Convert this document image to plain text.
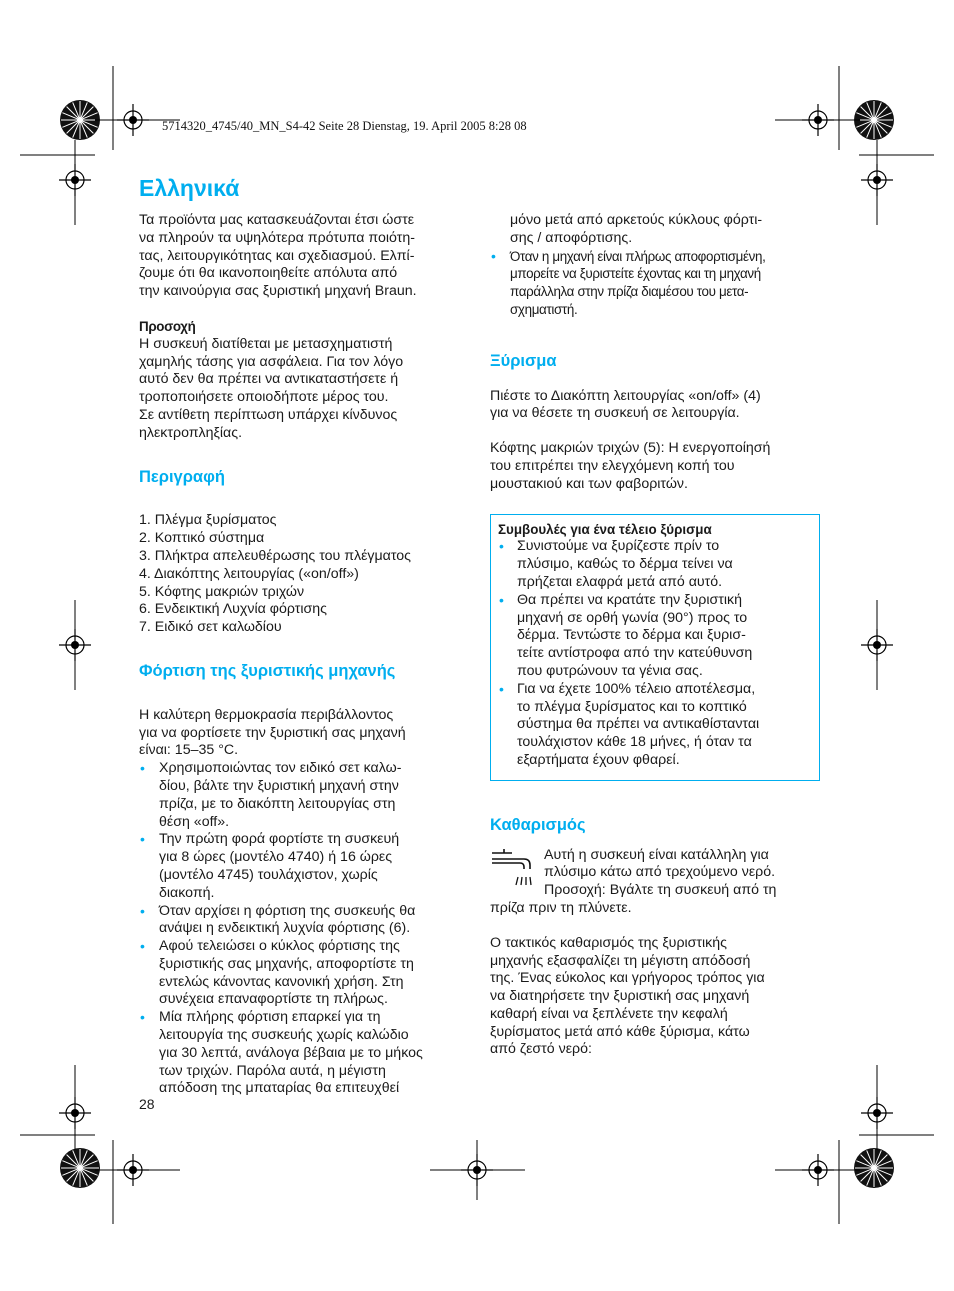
5714320_4745/40_MN_S4-42 Seite 28 Dienstag, 19. April 2005 8:28 08
Ελληνικά

Τα προϊόντα μας κατασκευάζονται έτσι ώστε
να πληρούν τα υψηλότερα πρότυπα ποιότη-
τας, λειτουργικότητας και σχεδιασμού. Ελπί-
ζουμε ότι θα ικανοποιηθείτε απόλυτα από
την καινούργια σας ξυριστική μηχανή Braun.

Προσοχή

Η συσκευή διατίθεται με μετασχηματιστή
χαμηλής τάσης για ασφάλεια. Για τον λόγο
αυτό δεν θα πρέπει να αντικαταστήσετε ή
τροποποιήσετε οποιοδήποτε μέρος του.
Σε αντίθετη περίπτωση υπάρχει κίνδυνος
ηλεκτροπληξίας.

Περιγραφή

1. Πλέγμα ξυρίσματος
2. Κοπτικό σύστημα
3. Πλήκτρα απελευθέρωσης του πλέγματος
4. Διακόπτης λειτουργίας («on/off»)
5. Κόφτης μακριών τριχών
6. Ενδεικτική Λυχνία φόρτισης
7. Ειδικό σετ καλωδίου

Φόρτιση της ξυριστικής μηχανής

Η καλύτερη θερμοκρασία περιβάλλοντος
για να φορτίσετε την ξυριστική σας μηχανή
είναι: 15–35 °C.

• Χρησιμοποιώντας τον ειδικό σετ καλω-
δίου, βάλτε την ξυριστική μηχανή στην
πρίζα, με το διακόπτη λειτουργίας στη
θέση «off».
• Την πρώτη φορά φορτίστε τη συσκευή
για 8 ώρες (μοντέλο 4740) ή 16 ώρες
(μοντέλο 4745) τουλάχιστον, χωρίς
διακοπή.
• Όταν αρχίσει η φόρτιση της συσκευής θα
ανάψει η ενδεικτική λυχνία φόρτισης (6).
• Αφού τελειώσει ο κύκλος φόρτισης της
ξυριστικής σας μηχανής, αποφορτίστε τη
εντελώς κάνοντας κανονική χρήση. Στη
συνέχεια επαναφορτίστε τη πλήρως.
• Μία πλήρης φόρτιση επαρκεί για τη
λειτουργία της συσκευής χωρίς καλώδιο
για 30 λεπτά, ανάλογα βέβαια με το μήκος
των τριχών. Παρόλα αυτά, η μέγιστη
απόδοση της μπαταρίας θα επιτευχθεί

μόνο μετά από αρκετούς κύκλους φόρτι-
σης / αποφόρτισης.

• Όταν η μηχανή είναι πλήρως αποφορτισμένη,
μπορείτε να ξυριστείτε έχοντας και τη μηχανή
παράλληλα στην πρίζα διαμέσου του μετα-
σχηματιστή.

Ξύρισμα

Πιέστε το Διακόπτη λειτουργίας «on/off» (4)
για να θέσετε τη συσκευή σε λειτουργία.

Κόφτης μακριών τριχών (5): Η ενεργοποίησή
του επιτρέπει την ελεγχόμενη κοπή του
μουστακιού και των φαβοριτών.

Συμβουλές για ένα τέλειο ξύρισμα
• Συνιστούμε να ξυρίζεστε πρίν το
πλύσιμο, καθώς το δέρμα τείνει να
πρήζεται ελαφρά μετά από αυτό.
• Θα πρέπει να κρατάτε την ξυριστική
μηχανή σε ορθή γωνία (90°) προς το
δέρμα. Τεντώστε το δέρμα και ξυρισ-
τείτε αντίστροφα από την κατεύθυνση
που φυτρώνουν τα γένια σας.
• Για να έχετε 100% τέλειο αποτέλεσμα,
το πλέγμα ξυρίσματος και το κοπτικό
σύστημα θα πρέπει να αντικαθίστανται
τουλάχιστον κάθε 18 μήνες, ή όταν τα
εξαρτήματα έχουν φθαρεί.

Καθαρισμός

Αυτή η συσκευή είναι κατάλληλη για
πλύσιμο κάτω από τρεχούμενο νερό.
Προσοχή: Βγάλτε τη συσκευή από τη

πρίζα πριν τη πλύνετε.

Ο τακτικός καθαρισμός της ξυριστικής
μηχανής εξασφαλίζει τη μέγιστη απόδοσή
της. Ένας εύκολος και γρήγορος τρόπος για
να διατηρήσετε την ξυριστική σας μηχανή
καθαρή είναι να ξεπλένετε την κεφαλή
ξυρίσματος μετά από κάθε ξύρισμα, κάτω
από ζεστό νερό:

28
